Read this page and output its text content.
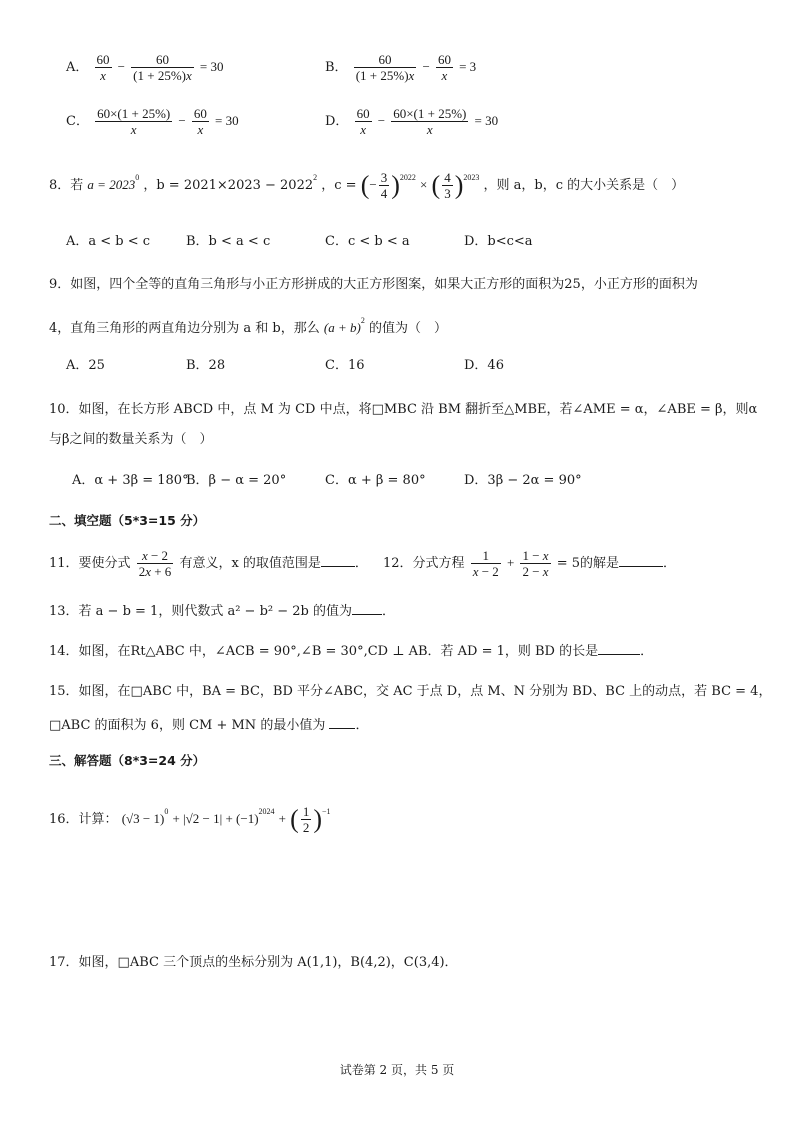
A． $\frac{60}{x} - \frac{60}{(1 + 25\%)x} = 30$	B． $\frac{60}{(1 + 25\%)x} - \frac{60}{x} = 3$
C． $\frac{60\times(1 + 25\%)}{x} - \frac{60}{x} = 30$	D． $\frac{60}{x} - \frac{60\times(1 + 25\%)}{x} = 30$
8．若 $a = 2023^0$ ，$b = 2021\times 2023 - 2022^2$ ，c = (− $\frac{3}{4} )^{2022}$ × ( $\frac{4}{3} )^{2023}$ ，则 a，b，c 的大小关系是（　）
A．a < b < c	B．b < a < c	C．c < b < a	D．b<c<a
9．如图，四个全等的直角三角形与小正方形拼成的大正方形图案，如果大正方形的面积为25，小正方形的面积为
4，直角三角形的两直角边分别为 a 和 b，那么 $(a + b)^2$ 的值为（　）
A．25	B．28	C．16	D．46
10．如图，在长方形 ABCD 中，点 M 为 CD 中点，将□MBC 沿 BM 翻折至△MBE，若∠AME = α，∠ABE = β，则α
与β之间的数量关系为（　）
A．α + 3β = 180°
B．β − α = 20°	C．α + β = 80°	D．3β − 2α = 90°
二、填空题（5*3=15 分）
11．要使分式 $\frac{x - 2}{2x + 6}$ 有意义，x 的取值范围是	． 12．分式方程 $\frac{1}{x - 2} + \frac{1 - x}{2 - x} = 5$的解是	．
13．若 a − b = 1，则代数式 a² − b² − 2b 的值为 ．
14．如图，在Rt△ABC 中，∠ACB = 90°,∠B = 30°,CD ⊥ AB．若 AD = 1，则 BD 的长是	．
15．如图，在□ABC 中，BA = BC，BD 平分∠ABC，交 AC 于点 D，点 M、N 分别为 BD、BC 上的动点，若 BC = 4，
□ABC 的面积为 6，则 CM + MN 的最小值为 ．
三、解答题（8*3=24 分）
16．计算： $(√3 - 1)^0 + |√2 - 1| + (-1)^{2024}$ + ( $\frac{1}{2} )^{-1}$
17．如图，□ABC 三个顶点的坐标分别为 A(1,1)，B(4,2)，C(3,4)．
试卷第 2 页，共 5 页
